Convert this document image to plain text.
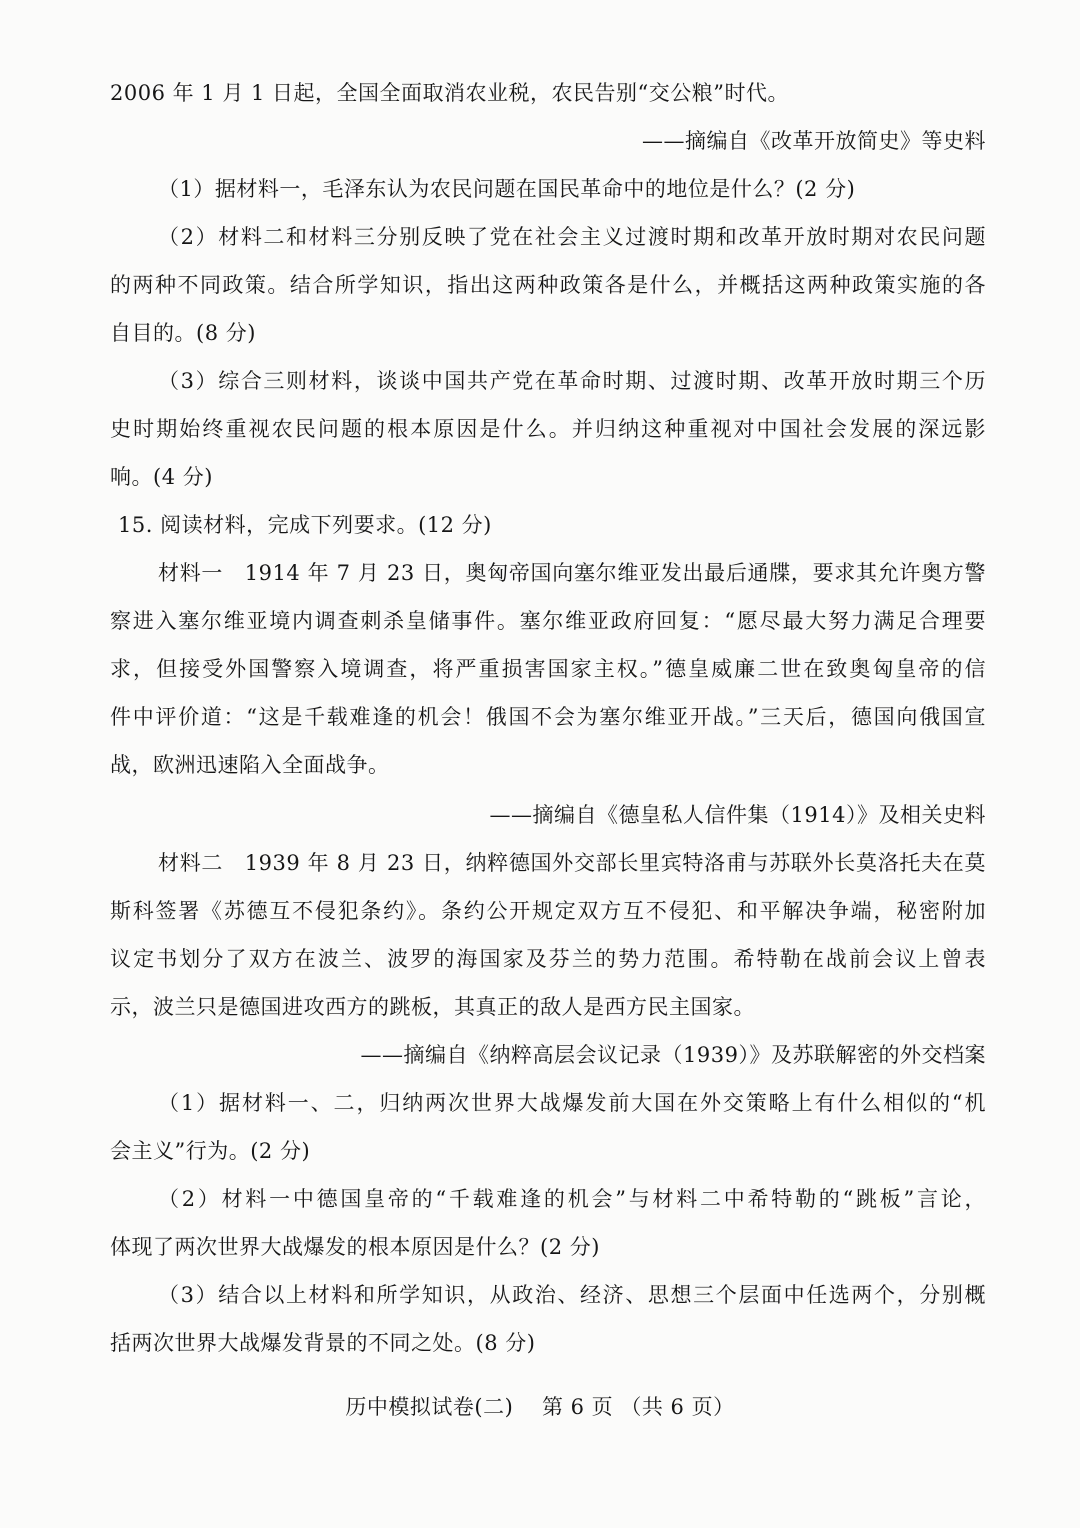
2006 年 1 月 1 日起，全国全面取消农业税，农民告别“交公粮”时代。
——摘编自《改革开放简史》等史料
（1）据材料一，毛泽东认为农民问题在国民革命中的地位是什么？(2 分)
（2）材料二和材料三分别反映了党在社会主义过渡时期和改革开放时期对农民问题
的两种不同政策。结合所学知识，指出这两种政策各是什么，并概括这两种政策实施的各
自目的。(8 分)
（3）综合三则材料，谈谈中国共产党在革命时期、过渡时期、改革开放时期三个历
史时期始终重视农民问题的根本原因是什么。并归纳这种重视对中国社会发展的深远影
响。(4 分)
15. 阅读材料，完成下列要求。(12 分)
材料一　1914 年 7 月 23 日，奥匈帝国向塞尔维亚发出最后通牒，要求其允许奥方警
察进入塞尔维亚境内调查刺杀皇储事件。塞尔维亚政府回复：“愿尽最大努力满足合理要
求，但接受外国警察入境调查，将严重损害国家主权。”德皇威廉二世在致奥匈皇帝的信
件中评价道：“这是千载难逢的机会！俄国不会为塞尔维亚开战。”三天后，德国向俄国宣
战，欧洲迅速陷入全面战争。
——摘编自《德皇私人信件集（1914）》及相关史料
材料二　1939 年 8 月 23 日，纳粹德国外交部长里宾特洛甫与苏联外长莫洛托夫在莫
斯科签署《苏德互不侵犯条约》。条约公开规定双方互不侵犯、和平解决争端，秘密附加
议定书划分了双方在波兰、波罗的海国家及芬兰的势力范围。希特勒在战前会议上曾表
示，波兰只是德国进攻西方的跳板，其真正的敌人是西方民主国家。
——摘编自《纳粹高层会议记录（1939）》及苏联解密的外交档案
（1）据材料一、二，归纳两次世界大战爆发前大国在外交策略上有什么相似的“机
会主义”行为。(2 分)
（2）材料一中德国皇帝的“千载难逢的机会”与材料二中希特勒的“跳板”言论，
体现了两次世界大战爆发的根本原因是什么？(2 分)
（3）结合以上材料和所学知识，从政治、经济、思想三个层面中任选两个，分别概
括两次世界大战爆发背景的不同之处。(8 分)
历中模拟试卷(二)　 第 6 页 （共 6 页）
